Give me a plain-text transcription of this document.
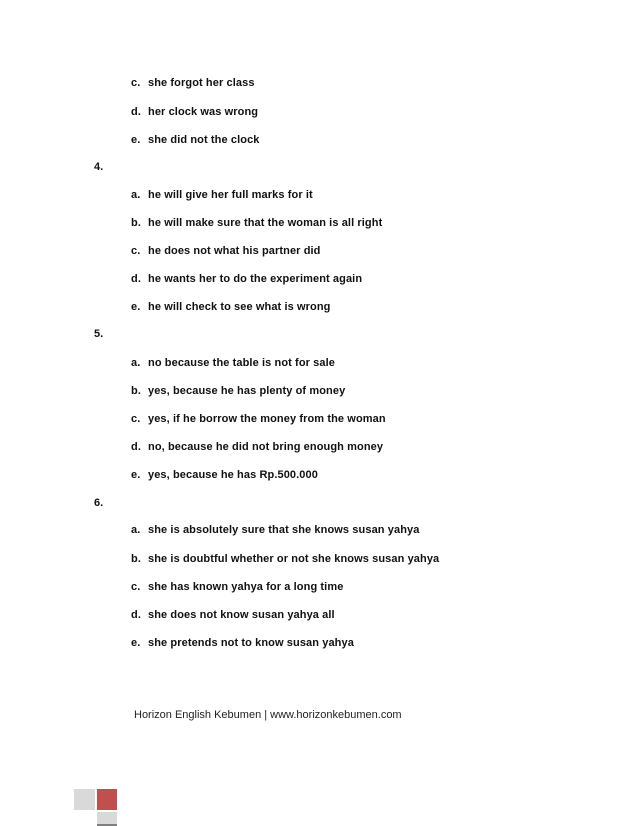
c. she forgot her class
d. her clock was wrong
e. she did not the clock
4.
a. he will give her full marks for it
b. he will make sure that the woman is all right
c. he does not what his partner did
d. he wants her to do the experiment again
e. he will check to see what is wrong
5.
a. no because the table is not for sale
b. yes, because he has plenty of money
c. yes, if he borrow the money from the woman
d. no, because he did not bring enough money
e. yes, because he has Rp.500.000
6.
a. she is absolutely sure that she knows susan yahya
b. she is doubtful whether or not she knows susan yahya
c. she has known yahya for a long time
d. she does not know susan yahya all
e. she pretends not to know susan yahya
Horizon English Kebumen | www.horizonkebumen.com
